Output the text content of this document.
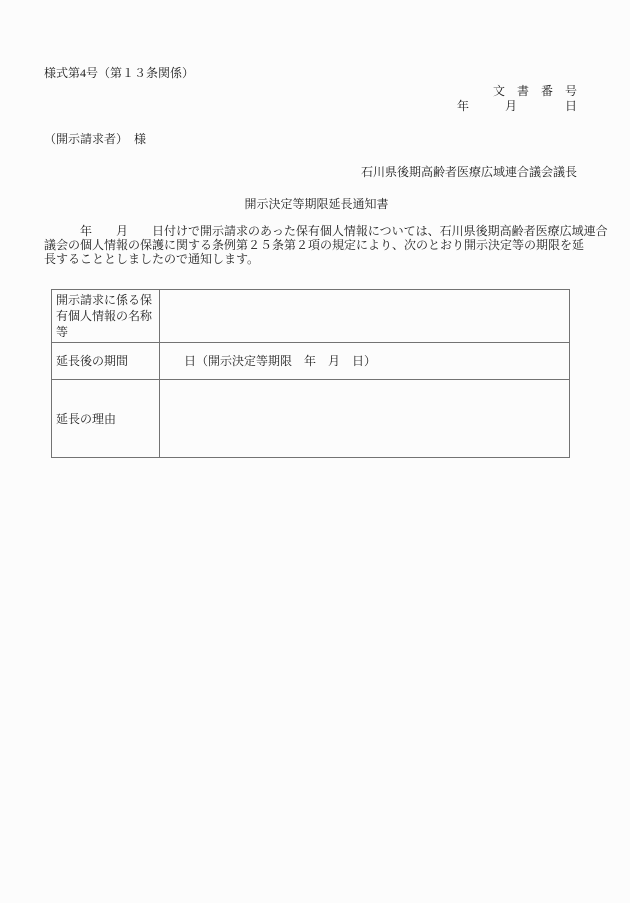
様式第4号（第１３条関係）
文　書　番　号
年　　　月　　　　日
（開示請求者）　様
石川県後期高齢者医療広域連合議会議長
開示決定等期限延長通知書
　　　年　　月　　日付けで開示請求のあった保有個人情報については、石川県後期高齢者医療広域連合
議会の個人情報の保護に関する条例第２５条第２項の規定により、次のとおり開示決定等の期限を延
長することとしましたので通知します。
開示請求に係る保有個人情報の名称等	
延長後の期間	　日（開示決定等期限　年　月　日）
延長の理由	
